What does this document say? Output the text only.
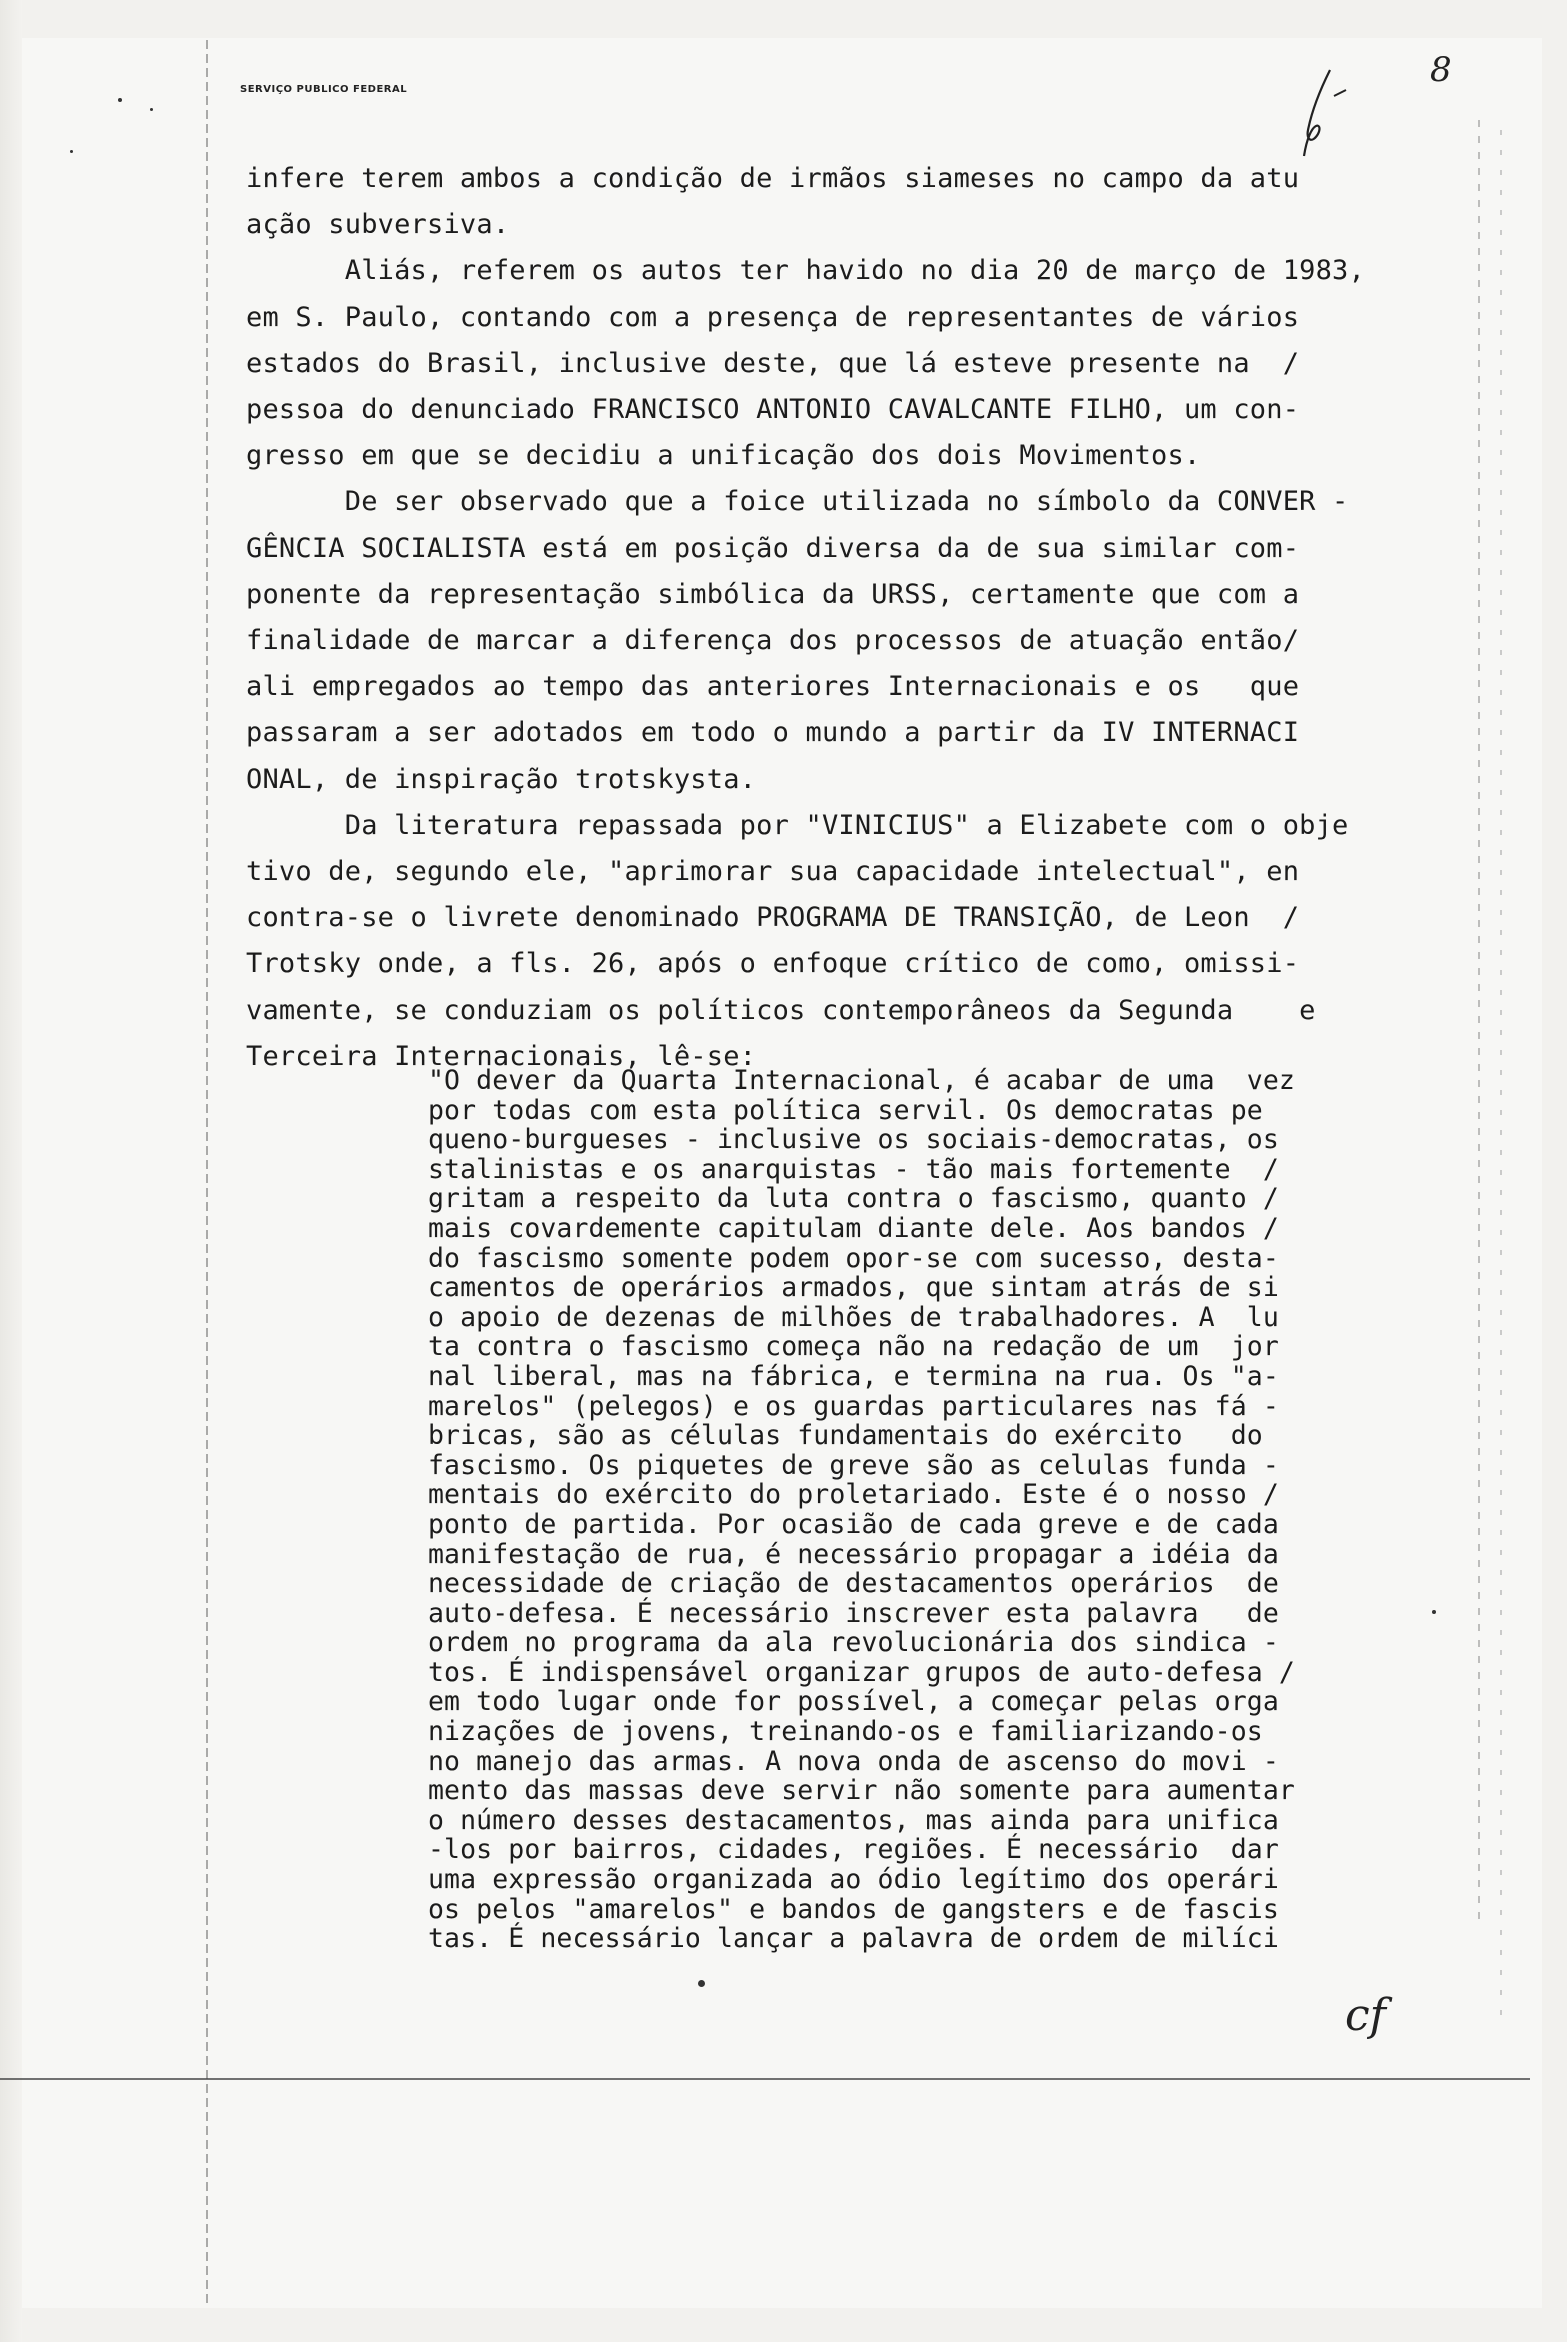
SERVIÇO PUBLICO FEDERAL	8

infere terem ambos a condição de irmãos siameses no campo da atu

ação subversiva.

Aliás, referem os autos ter havido no dia 20 de março de 1983,

em S. Paulo, contando com a presença de representantes de vários

estados do Brasil, inclusive deste, que lá esteve presente na  /

pessoa do denunciado FRANCISCO ANTONIO CAVALCANTE FILHO, um con-

gresso em que se decidiu a unificação dos dois Movimentos.

De ser observado que a foice utilizada no símbolo da CONVER -

GÊNCIA SOCIALISTA está em posição diversa da de sua similar com-

ponente da representação simbólica da URSS, certamente que com a

finalidade de marcar a diferença dos processos de atuação então/

ali empregados ao tempo das anteriores Internacionais e os   que

passaram a ser adotados em todo o mundo a partir da IV INTERNACI

ONAL, de inspiração trotskysta.

Da literatura repassada por "VINICIUS" a Elizabete com o obje

tivo de, segundo ele, "aprimorar sua capacidade intelectual", en

contra-se o livrete denominado PROGRAMA DE TRANSIÇÃO, de Leon  /

Trotsky onde, a fls. 26, após o enfoque crítico de como, omissi-

vamente, se conduziam os políticos contemporâneos da Segunda    e

Terceira Internacionais, lê-se:

"O dever da Quarta Internacional, é acabar de uma  vez

por todas com esta política servil. Os democratas pe

queno-burgueses - inclusive os sociais-democratas, os

stalinistas e os anarquistas - tão mais fortemente  /

gritam a respeito da luta contra o fascismo, quanto /

mais covardemente capitulam diante dele. Aos bandos /

do fascismo somente podem opor-se com sucesso, desta-

camentos de operários armados, que sintam atrás de si

o apoio de dezenas de milhões de trabalhadores. A  lu

ta contra o fascismo começa não na redação de um  jor

nal liberal, mas na fábrica, e termina na rua. Os "a-

marelos" (pelegos) e os guardas particulares nas fá -

bricas, são as células fundamentais do exército   do

fascismo. Os piquetes de greve são as celulas funda -

mentais do exército do proletariado. Este é o nosso /

ponto de partida. Por ocasião de cada greve e de cada

manifestação de rua, é necessário propagar a idéia da

necessidade de criação de destacamentos operários  de

auto-defesa. É necessário inscrever esta palavra   de

ordem no programa da ala revolucionária dos sindica -

tos. É indispensável organizar grupos de auto-defesa /

em todo lugar onde for possível, a começar pelas orga

nizações de jovens, treinando-os e familiarizando-os

no manejo das armas. A nova onda de ascenso do movi -

mento das massas deve servir não somente para aumentar

o número desses destacamentos, mas ainda para unifica

-los por bairros, cidades, regiões. É necessário  dar

uma expressão organizada ao ódio legítimo dos operári

os pelos "amarelos" e bandos de gangsters e de fascis

tas. É necessário lançar a palavra de ordem de milíci

cf
